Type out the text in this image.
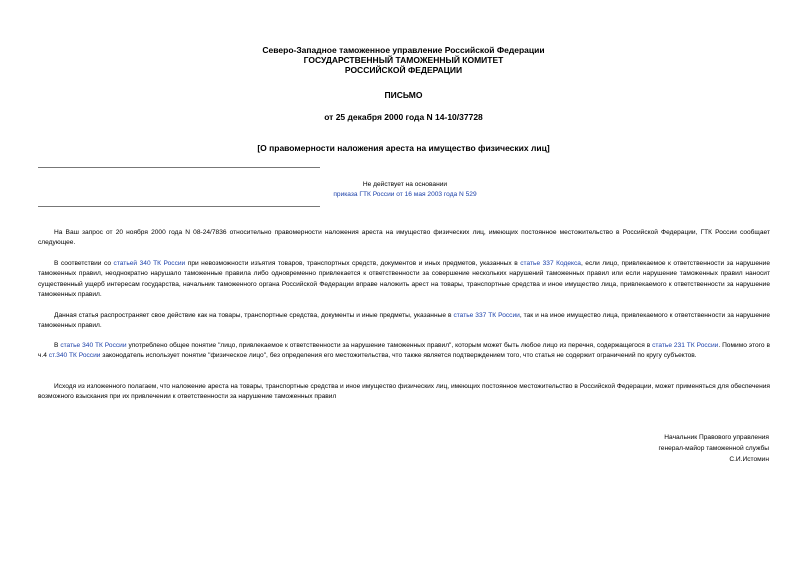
Северо-Западное таможенное управление Российской Федерации
ГОСУДАРСТВЕННЫЙ ТАМОЖЕННЫЙ КОМИТЕТ
РОССИЙСКОЙ ФЕДЕРАЦИИ
ПИСЬМО
от 25 декабря 2000 года N 14-10/37728
[О правомерности наложения ареста на имущество физических лиц]
Не действует на основании
приказа ГТК России от 16 мая 2003 года N 529
На Ваш запрос от 20 ноября 2000 года N 08-24/7836 относительно правомерности наложения ареста на имущество физических лиц, имеющих постоянное местожительство в Российской Федерации, ГТК России сообщает следующее.
В соответствии со статьей 340 ТК России при невозможности изъятия товаров, транспортных средств, документов и иных предметов, указанных в статье 337 Кодекса, если лицо, привлекаемое к ответственности за нарушение таможенных правил, неоднократно нарушало таможенные правила либо одновременно привлекается к ответственности за совершение нескольких нарушений таможенных правил или если нарушение таможенных правил наносит существенный ущерб интересам государства, начальник таможенного органа Российской Федерации вправе наложить арест на товары, транспортные средства и иное имущество лица, привлекаемого к ответственности за нарушение таможенных правил.
Данная статья распространяет свое действие как на товары, транспортные средства, документы и иные предметы, указанные в статье 337 ТК России, так и на иное имущество лица, привлекаемого к ответственности за нарушение таможенных правил.
В статье 340 ТК России употреблено общее понятие "лицо, привлекаемое к ответственности за нарушение таможенных правил", которым может быть любое лицо из перечня, содержащегося в статье 231 ТК России. Помимо этого в ч.4 ст.340 ТК России законодатель использует понятие "физическое лицо", без определения его местожительства, что также является подтверждением того, что статья не содержит ограничений по кругу субъектов.
Исходя из изложенного полагаем, что наложение ареста на товары, транспортные средства и иное имущество физических лиц, имеющих постоянное местожительство в Российской Федерации, может применяться для обеспечения возможного взыскания при их привлечении к ответственности за нарушение таможенных правил
Начальник Правового управления
генерал-майор таможенной службы
С.И.Истомин
